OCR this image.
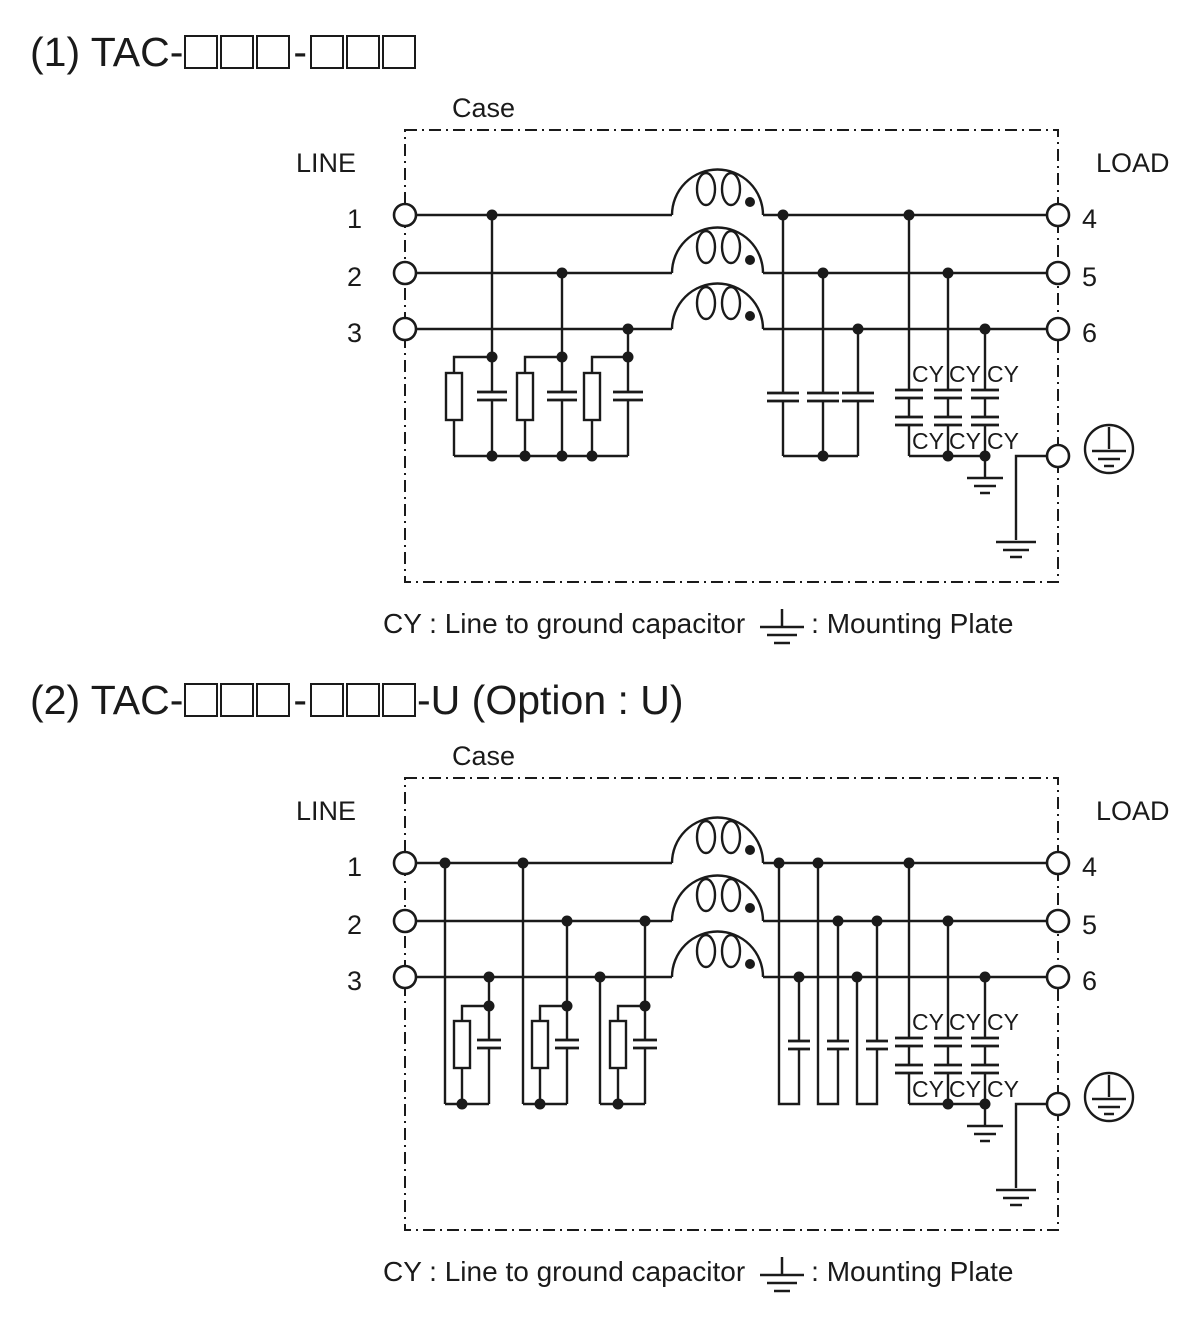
(1) TAC-	-
(2) TAC-	-	-U (Option : U)
CY : Line to ground capacitor : Mounting Plate
CY : Line to ground capacitor : Mounting Plate
